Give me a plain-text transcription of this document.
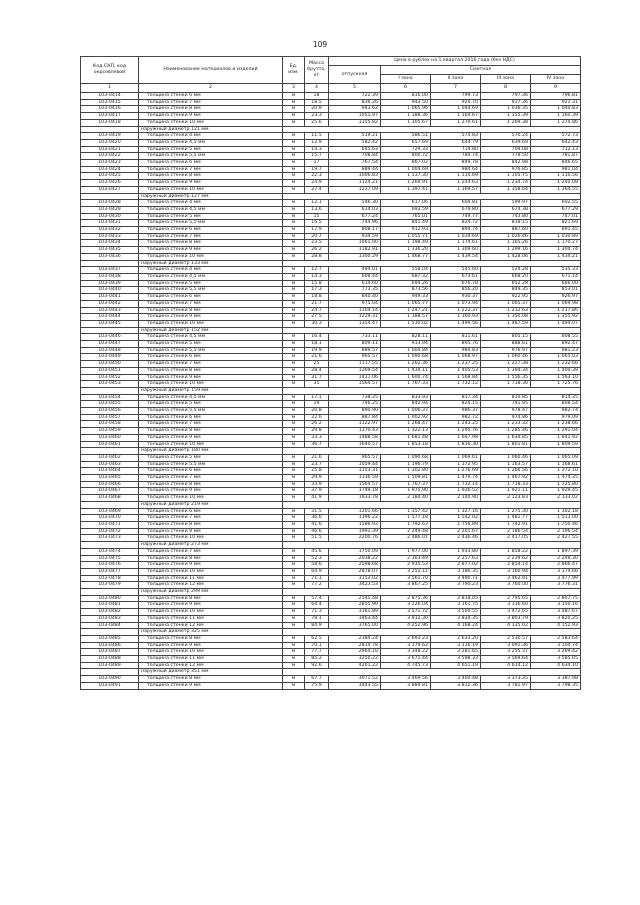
109
Код СКП, код окрсевлевой	Наименование материалов и изделий	Ед. изм.	Масса брутто, кг	Цена в рублях на 1 квартал 2016 года (без НДС)				
				отпускная	Сметная			
					I зона	II зона	III зона	IV зона
1	2	3	4	5	6	7	8	9
103-0414	толщина стенки 6 мм	м	18	722.39	816.00	799.73	797.36	796.81
103-0415	толщина стенки 7 мм	м	18.5	836.26	943.50	924.70	917.36	921.31
103-0416	толщина стенки 8 мм	м	20.9	943.62	1 065.96	1 044.69	1 036.35	1 040.83
103-0417	толщина стенки 9 мм	м	23.3	1051.97	1 188.36	1 164.67	1 155.39	1 160.39
103-0418	толщина стенки 10 мм	м	25.6	1155.82	1 305.67	1 279.61	1 269.38	1 274.86
	наружный диаметр 121 мм							
103-0419	толщина стенки 4 мм	м	11.5	519.21	586.51	574.83	570.24	572.73
103-0420	толщина стенки 4,5 мм	м	12.9	582.42	657.69	644.79	639.69	642.43
103-0421	толщина стенки 5 мм	м	14.3	645.63	729.33	714.80	709.08	712.13
103-0422	толщина стенки 5,5 мм	м	15.7	708.84	800.72	784.74	778.50	781.87
103-0423	толщина стенки 6 мм	м	17	767.54	867.02	849.78	842.98	846.65
103-0424	толщина стенки 7 мм	м	19.7	889.44	1 004.69	984.64	976.85	981.04
103-0425	толщина стенки 8 мм	м	22.3	1006.83	1 137.30	1 114.69	1 105.75	1 110.56
103-0426	толщина стенки 9 мм	м	24.9	1124.21	1 269.91	1 244.63	1 234.74	1 240.08
103-0427	толщина стенки 10 мм	м	27.4	1237.09	1 397.41	1 369.57	1 358.64	1 364.55
	наружный диаметр 127 мм							
103-0428	толщина стенки 4 мм	м	12.1	546.30	617.06	604.81	599.97	602.55
103-0429	толщина стенки 4,5 мм	м	13.6	614.03	693.59	679.80	674.38	677.29
103-0430	толщина стенки 5 мм	м	15	677.24	765.01	749.77	743.80	747.01
103-0431	толщина стенки 5,5 мм	м	16.5	744.96	841.49	824.72	818.15	821.69
103-0432	толщина стенки 6 мм	м	17.9	808.17	912.93	894.74	887.60	891.45
103-0433	толщина стенки 7 мм	м	20.7	934.59	1 055.71	1 034.69	1 026.46	1 030.89
103-0434	толщина стенки 8 мм	м	23.5	1061.00	1 198.49	1 174.61	1 165.26	1 170.27
103-0435	толщина стенки 9 мм	м	26.2	1182.91	1 336.20	1 309.60	1 299.16	1 304.74
103-0436	толщина стенки 10 мм	м	28.8	1300.29	1 468.77	1 439.54	1 428.06	1 434.21
	наружный диаметр 133 мм							
103-0437	толщина стенки 4 мм	м	12.7	494.01	558.04	545.60	524.28	535.33
103-0438	толщина стенки 4,5 мм	м	14.3	608.44	687.32	673.61	668.20	671.14
103-0439	толщина стенки 5 мм	м	15.8	614.60	694.26	676.78	652.28	666.00
103-0440	толщина стенки 5,5 мм	м	17.3	773.35	873.56	856.20	849.35	853.01
103-0441	толщина стенки 6 мм	м	18.8	840.40	949.33	930.37	922.95	926.97
103-0442	толщина стенки 7 мм	м	21.7	975.04	1 065.77	1 073.94	1 065.37	1 069.98
103-0443	толщина стенки 8 мм	м	24.7	1104.14	1 247.21	1 222.37	1 212.63	1 217.86
103-0444	толщина стенки 9 мм	м	27.5	1229.31	1 388.57	1 360.93	1 350.08	1 355.92
103-0445	толщина стенки 10 мм	м	30.3	1354.47	1 530.02	1 499.56	1 487.59	1 494.07
	наружный диаметр 152 мм							
103-0446	толщина стенки 4,5 мм	м	16.4	733.11	828.11	811.61	805.15	808.55
103-0447	толщина стенки 5 мм	м	18.1	809.11	913.94	895.76	888.61	892.47
103-0448	толщина стенки 5,5 мм	м	19.9	889.57	1 004.84	984.83	976.97	981.23
103-0449	толщина стенки 6 мм	м	21.6	965.57	1 090.68	1 068.97	1 060.46	1 065.03
103-0450	толщина стенки 7 мм	м	25	1117.55	1 262.36	1 237.25	1 227.38	1 232.66
103-0451	толщина стенки 8 мм	м	28.4	1269.54	1 434.11	1 405.53	1 394.34	1 400.39
103-0452	толщина стенки 9 мм	м	31.7	1417.06	1 600.74	1 568.84	1 556.35	1 563.10
103-0453	толщина стенки 10 мм	м	35	1564.57	1 767.33	1 732.12	1 718.30	1 725.76
	наружный диаметр 159 мм							
103-0454	толщина стенки 4,5 мм	м	17.1	738.25	833.93	817.34	810.85	814.35
103-0455	толщина стенки 5 мм	м	19	746.25	842.94	824.15	791.95	808.54
103-0456	толщина стенки 5,5 мм	м	20.8	890.90	1 006.37	986.37	978.47	982.74
103-0457	толщина стенки 6 мм	м	22.6	887.84	1 002.92	982.72	974.86	979.09
103-0458	толщина стенки 7 мм	м	26.2	1122.97	1 268.47	1 243.25	1 233.32	1 238.66
103-0459	толщина стенки 8 мм	м	29.8	1170.43	1 322.13	1 295.76	1 285.46	1 291.04
103-0460	толщина стенки 9 мм	м	33.3	1488.58	1 681.48	1 647.98	1 634.85	1 641.92
103-0461	толщина стенки 10 мм	м	36.7	1640.57	1 853.18	1 816.30	1 801.81	1 809.59
	наружный диаметр 180 мм							
103-0462	толщина стенки 5 мм	м	21.6	965.57	1 090.68	1 069.61	1 060.46	1 065.09
103-0463	толщина стенки 5,5 мм	м	23.7	1059.44	1 196.79	1 172.95	1 163.57	1 168.61
103-0464	толщина стенки 6 мм	м	25.8	1153.31	1 302.80	1 276.69	1 266.56	1 272.10
103-0465	толщина стенки 7 мм	м	29.9	1336.59	1 509.81	1 479.74	1 467.92	1 474.35
103-0466	толщина стенки 8 мм	м	33.9	1564.57	1 767.37	1 732.14	1 718.33	1 725.80
103-0467	толщина стенки 9 мм	м	37.9	1749.18	1 975.90	1 936.52	1 921.11	1 929.45
103-0468	толщина стенки 10 мм	м	41.9	1933.78	2 184.40	2 140.90	2 123.83	2 133.02
	наружный диаметр 219 мм							
103-0469	толщина стенки 6 мм	м	31.5	1201.66	1 357.42	1 327.16	1 275.30	1 302.18
103-0470	толщина стенки 7 мм	м	36.6	1396.22	1 577.18	1 542.02	1 481.77	1 513.00
103-0471	толщина стенки 8 мм	м	41.6	1586.93	1 792.63	1 756.89	1 742.91	1 750.46
103-0472	толщина стенки 9 мм	м	46.6	1991.39	2 249.48	2 201.67	2 186.54	2 196.54
103-0473	толщина стенки 10 мм	м	51.5	2200.76	2 486.01	2 436.46	2 417.05	2 427.55
	наружный диаметр 273 мм							
103-0474	толщина стенки 7 мм	м	45.6	1750.09	1 977.00	1 933.80	1 858.22	1 897.39
103-0475	толщина стенки 8 мм	м	52.3	2038.22	2 303.49	2 257.63	2 239.62	2 249.30
103-0476	толщина стенки 9 мм	м	58.6	2598.68	2 935.53	2 877.02	2 854.14	2 866.47
103-0477	толщина стенки 10 мм	м	64.9	2878.07	3 251.11	3 186.35	3 160.94	3 174.66
103-0478	толщина стенки 11 мм	м	71.1	3153.02	3 561.70	3 490.71	3 462.91	3 477.99
103-0479	толщина стенки 12 мм	м	77.2	3423.53	3 867.25	3 790.23	3 760.00	3 776.31
	наружный диаметр 299 мм							
103-0480	толщина стенки 8 мм	м	57.4	2545.48	2 875.36	2 818.05	2 795.65	2 807.75
103-0481	толщина стенки 9 мм	м	64.4	2855.90	3 226.04	3 161.75	3 136.60	3 150.16
103-0482	толщина стенки 10 мм	м	71.3	3161.89	3 571.72	3 500.55	3 472.65	3 487.67
103-0483	толщина стенки 11 мм	м	78.1	3463.44	3 912.30	3 834.35	3 803.79	3 820.25
103-0484	толщина стенки 12 мм	м	84.9	3765.00	4 252.96	4 168.24	4 135.02	4 152.93
	наружный диаметр 325 мм							
103-0485	толщина стенки 8 мм	м	62.5	2384.24	2 693.23	2 633.20	2 530.57	2 583.64
103-0486	толщина стенки 9 мм	м	70.1	2814.78	3 179.62	3 116.19	3 091.36	3 104.74
103-0487	толщина стенки 10 мм	м	77.7	2964.10	3 348.22	3 281.65	3 255.37	3 269.42
103-0488	толщина стенки 11 мм	м	85.2	3250.22	3 671.44	3 598.33	3 569.64	3 585.05
103-0489	толщина стенки 12 мм	м	92.6	4201.22	4 745.73	4 651.19	4 614.12	4 634.10
	наружный диаметр 351 мм							
103-0490	толщина стенки 8 мм	м	67.7	3071.52	3 469.56	3 400.48	3 373.35	3 387.98
103-0491	толщина стенки 9 мм	м	75.9	3443.55	3 889.81	3 812.36	3 781.97	3 798.35
